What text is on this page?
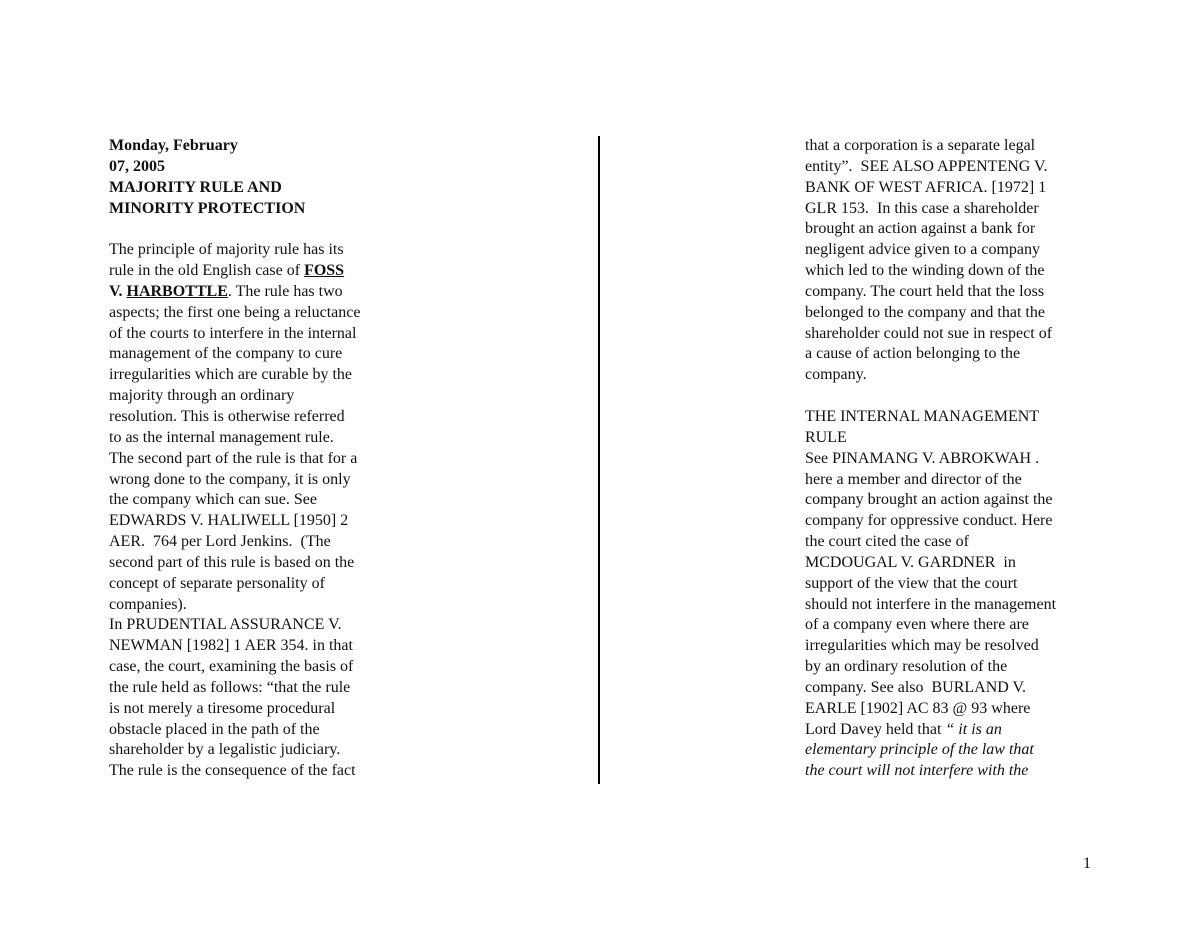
Monday, February
07, 2005
MAJORITY RULE AND
MINORITY PROTECTION
The principle of majority rule has its
rule in the old English case of FOSS
V. HARBOTTLE. The rule has two
aspects; the first one being a reluctance
of the courts to interfere in the internal
management of the company to cure
irregularities which are curable by the
majority through an ordinary
resolution. This is otherwise referred
to as the internal management rule.
The second part of the rule is that for a
wrong done to the company, it is only
the company which can sue. See
EDWARDS V. HALIWELL [1950] 2
AER.  764 per Lord Jenkins.  (The
second part of this rule is based on the
concept of separate personality of
companies).
In PRUDENTIAL ASSURANCE V.
NEWMAN [1982] 1 AER 354. in that
case, the court, examining the basis of
the rule held as follows: “that the rule
is not merely a tiresome procedural
obstacle placed in the path of the
shareholder by a legalistic judiciary.
The rule is the consequence of the fact
that a corporation is a separate legal
entity”.  SEE ALSO APPENTENG V.
BANK OF WEST AFRICA. [1972] 1
GLR 153.  In this case a shareholder
brought an action against a bank for
negligent advice given to a company
which led to the winding down of the
company. The court held that the loss
belonged to the company and that the
shareholder could not sue in respect of
a cause of action belonging to the
company.
THE INTERNAL MANAGEMENT
RULE
See PINAMANG V. ABROKWAH .
here a member and director of the
company brought an action against the
company for oppressive conduct. Here
the court cited the case of
MCDOUGAL V. GARDNER  in
support of the view that the court
should not interfere in the management
of a company even where there are
irregularities which may be resolved
by an ordinary resolution of the
company. See also  BURLAND V.
EARLE [1902] AC 83 @ 93 where
Lord Davey held that “ it is an
elementary principle of the law that
the court will not interfere with the
1
